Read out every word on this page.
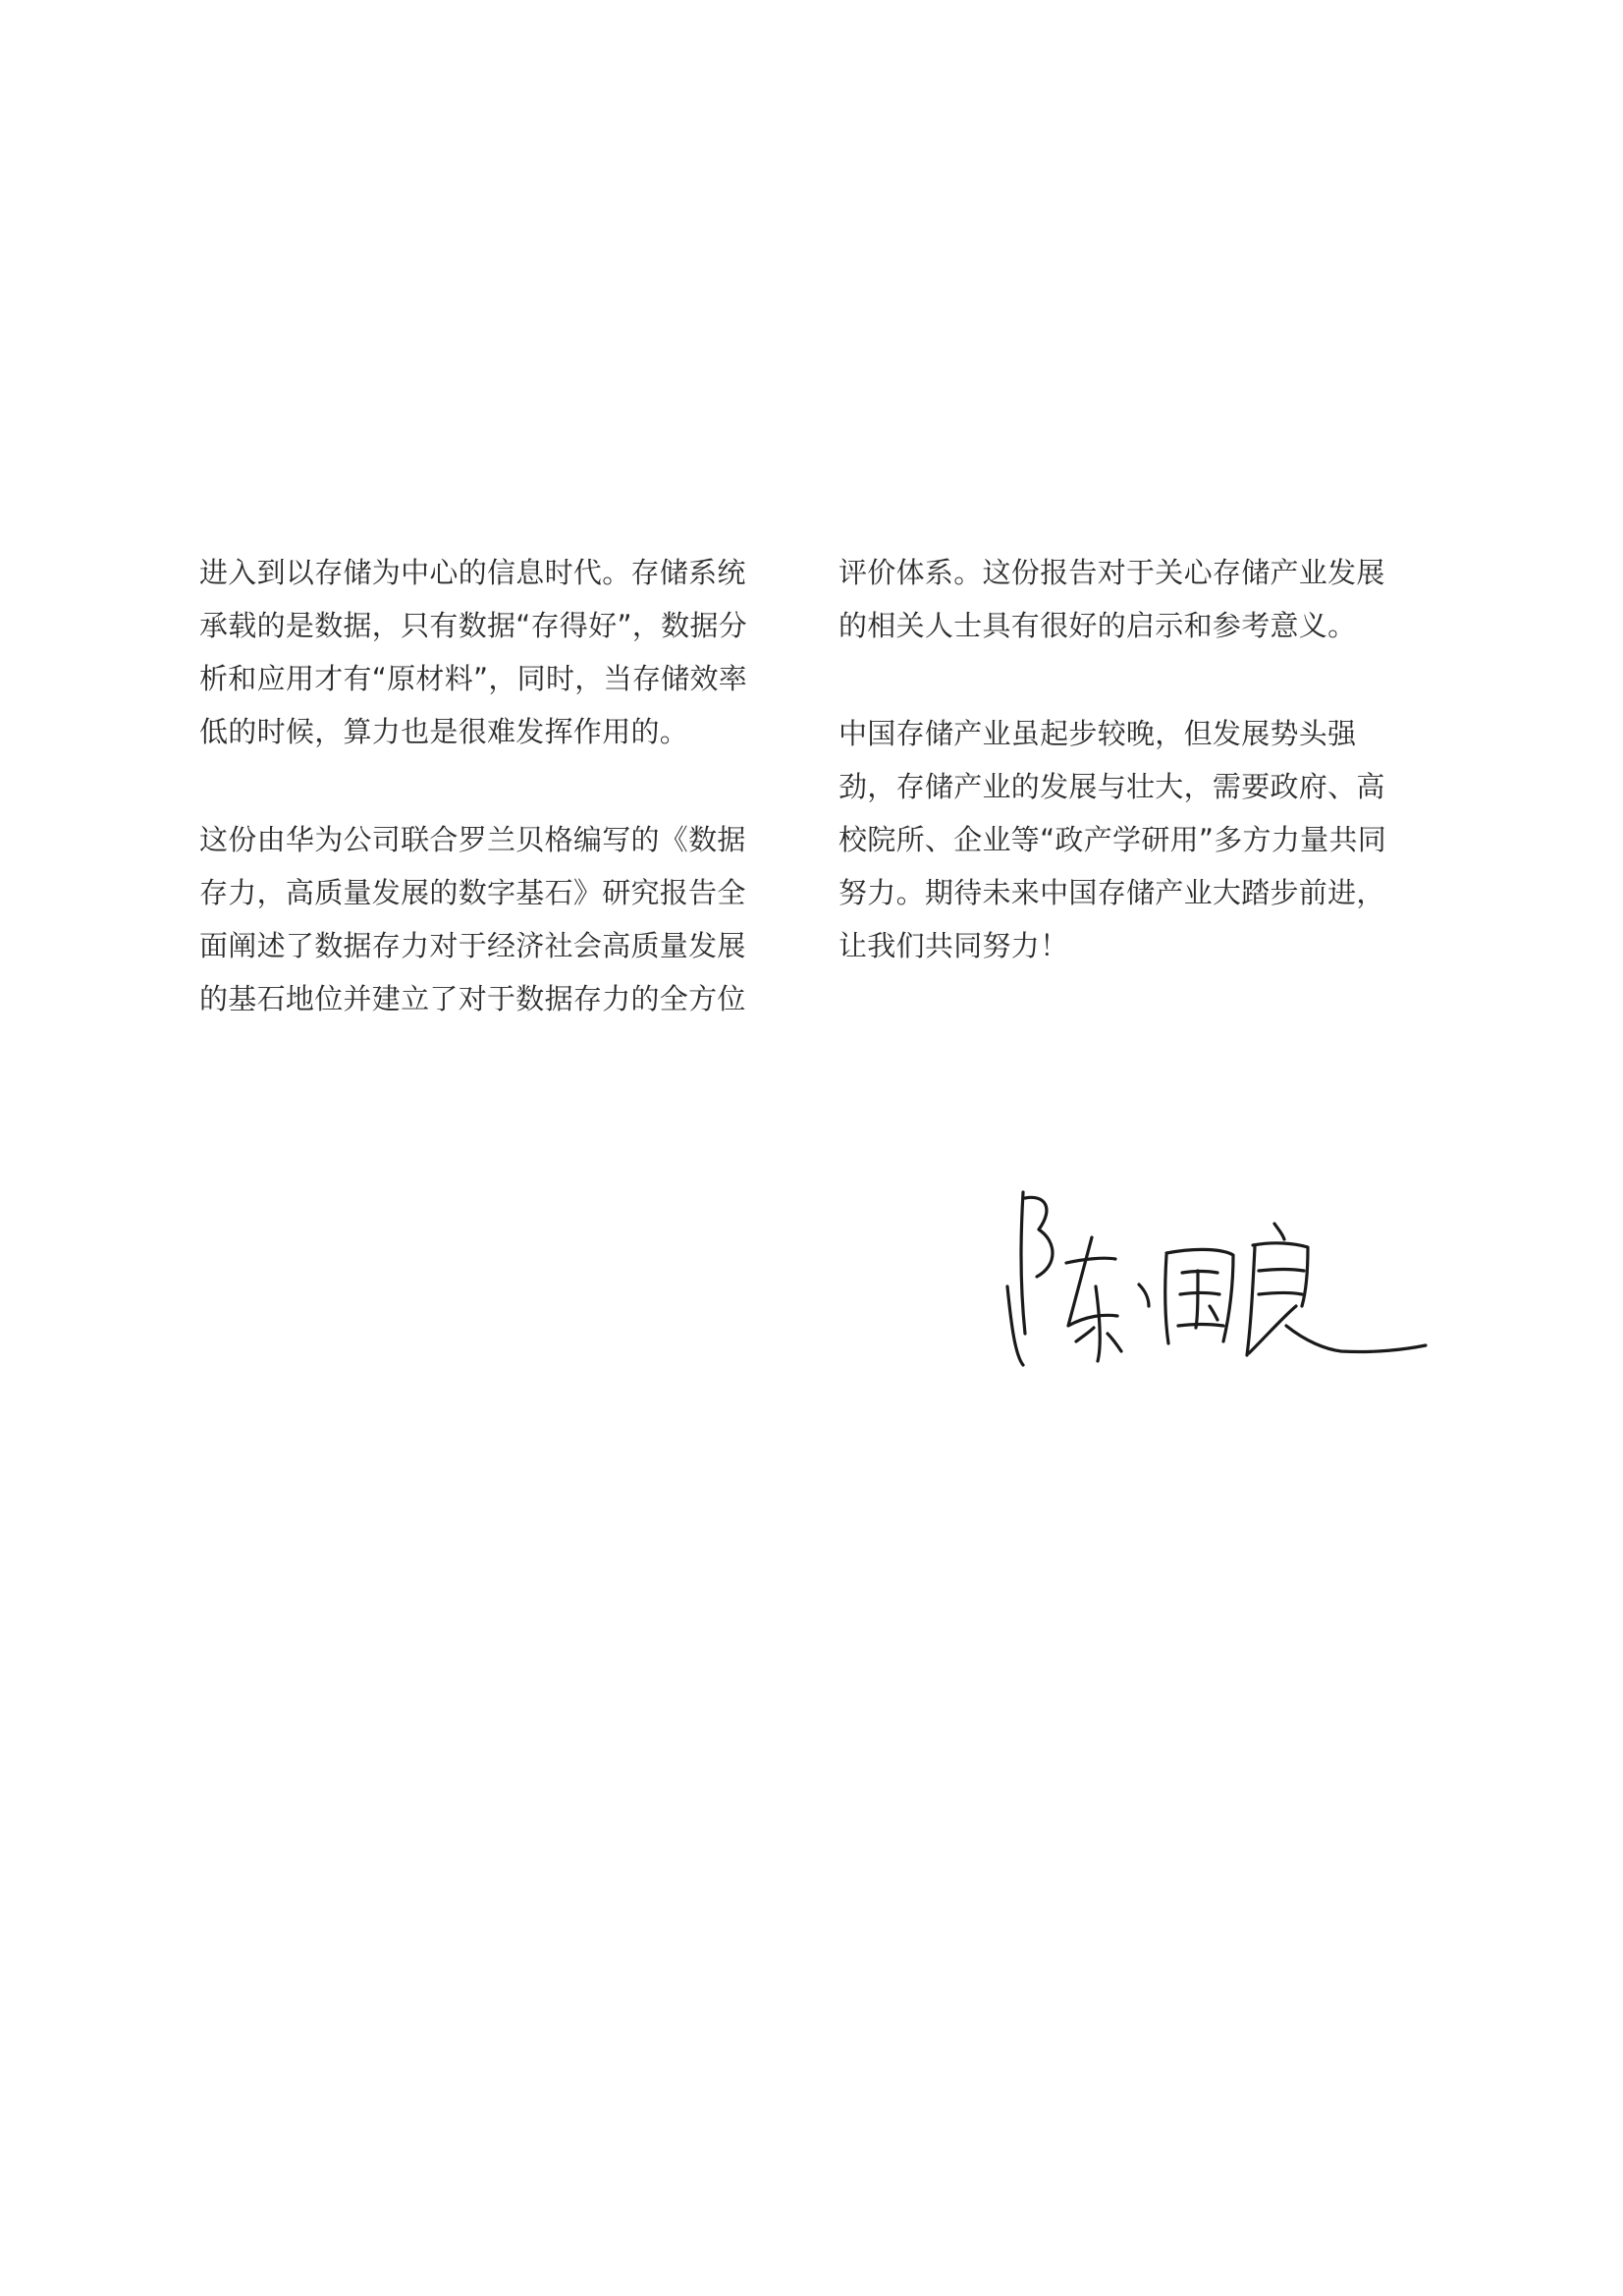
进入到以存储为中心的信息时代。存储系统
承载的是数据，只有数据“存得好”，数据分
析和应用才有“原材料”，同时，当存储效率
低的时候，算力也是很难发挥作用的。

这份由华为公司联合罗兰贝格编写的《数据
存力，高质量发展的数字基石》研究报告全
面阐述了数据存力对于经济社会高质量发展
的基石地位并建立了对于数据存力的全方位

评价体系。这份报告对于关心存储产业发展
的相关人士具有很好的启示和参考意义。

中国存储产业虽起步较晚，但发展势头强
劲，存储产业的发展与壮大，需要政府、高
校院所、企业等“政产学研用”多方力量共同
努力。期待未来中国存储产业大踏步前进，
让我们共同努力！
